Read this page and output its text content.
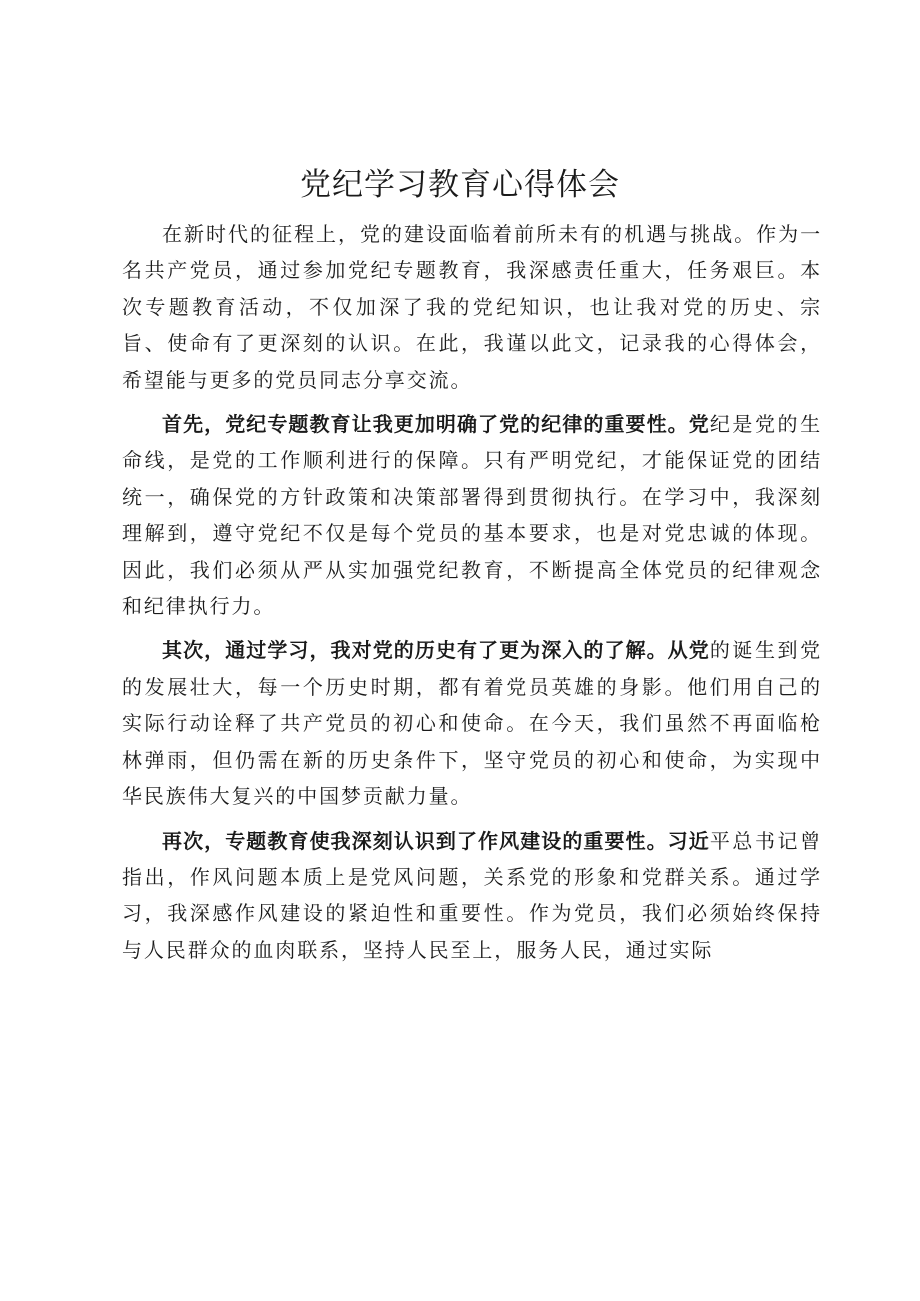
党纪学习教育心得体会

在新时代的征程上，党的建设面临着前所未有的机遇与挑战。作为一名共产党员，通过参加党纪专题教育，我深感责任重大，任务艰巨。本次专题教育活动，不仅加深了我的党纪知识，也让我对党的历史、宗旨、使命有了更深刻的认识。在此，我谨以此文，记录我的心得体会，希望能与更多的党员同志分享交流。

首先，党纪专题教育让我更加明确了党的纪律的重要性。党纪是党的生命线，是党的工作顺利进行的保障。只有严明党纪，才能保证党的团结统一，确保党的方针政策和决策部署得到贯彻执行。在学习中，我深刻理解到，遵守党纪不仅是每个党员的基本要求，也是对党忠诚的体现。因此，我们必须从严从实加强党纪教育，不断提高全体党员的纪律观念和纪律执行力。

其次，通过学习，我对党的历史有了更为深入的了解。从党的诞生到党的发展壮大，每一个历史时期，都有着党员英雄的身影。他们用自己的实际行动诠释了共产党员的初心和使命。在今天，我们虽然不再面临枪林弹雨，但仍需在新的历史条件下，坚守党员的初心和使命，为实现中华民族伟大复兴的中国梦贡献力量。

再次，专题教育使我深刻认识到了作风建设的重要性。习近平总书记曾指出，作风问题本质上是党风问题，关系党的形象和党群关系。通过学习，我深感作风建设的紧迫性和重要性。作为党员，我们必须始终保持与人民群众的血肉联系，坚持人民至上，服务人民，通过实际
